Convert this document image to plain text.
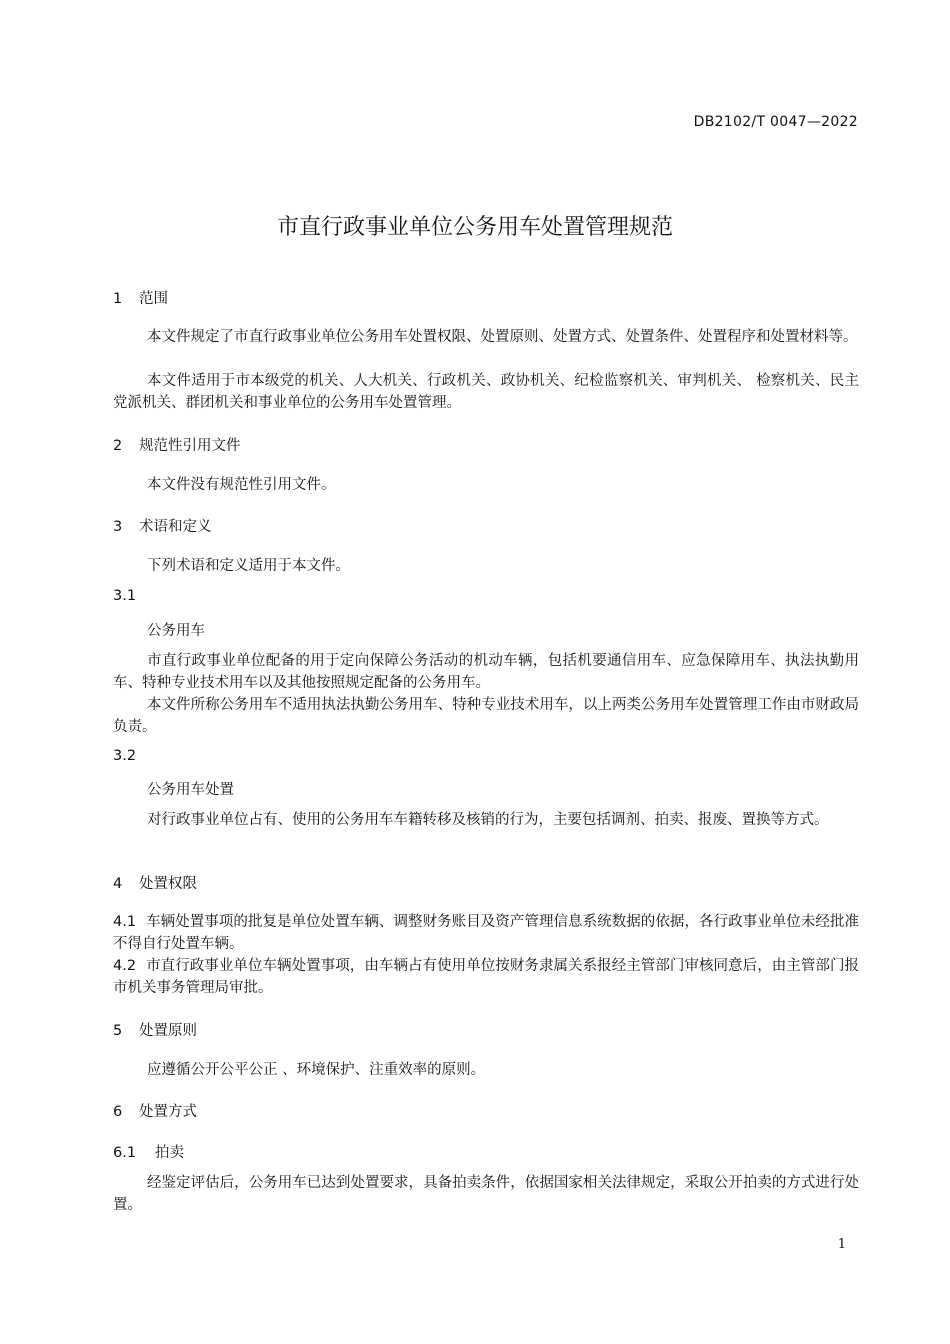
DB2102/T 0047—2022
市直行政事业单位公务用车处置管理规范
1 范围
本文件规定了市直行政事业单位公务用车处置权限、处置原则、处置方式、处置条件、处置程序和处置材料等。
本文件适用于市本级党的机关、人大机关、行政机关、政协机关、纪检监察机关、审判机关、 检察机关、民主党派机关、群团机关和事业单位的公务用车处置管理。
2 规范性引用文件
本文件没有规范性引用文件。
3 术语和定义
下列术语和定义适用于本文件。
3.1
公务用车
市直行政事业单位配备的用于定向保障公务活动的机动车辆，包括机要通信用车、应急保障用车、执法执勤用车、特种专业技术用车以及其他按照规定配备的公务用车。
本文件所称公务用车不适用执法执勤公务用车、特种专业技术用车，以上两类公务用车处置管理工作由市财政局负责。
3.2
公务用车处置
对行政事业单位占有、使用的公务用车车籍转移及核销的行为，主要包括调剂、拍卖、报废、置换等方式。
4 处置权限
4.1 车辆处置事项的批复是单位处置车辆、调整财务账目及资产管理信息系统数据的依据，各行政事业单位未经批准不得自行处置车辆。
4.2 市直行政事业单位车辆处置事项，由车辆占有使用单位按财务隶属关系报经主管部门审核同意后，由主管部门报市机关事务管理局审批。
5 处置原则
应遵循公开公平公正 、环境保护、注重效率的原则。
6 处置方式
6.1 拍卖
经鉴定评估后，公务用车已达到处置要求，具备拍卖条件，依据国家相关法律规定，采取公开拍卖的方式进行处置。
1
